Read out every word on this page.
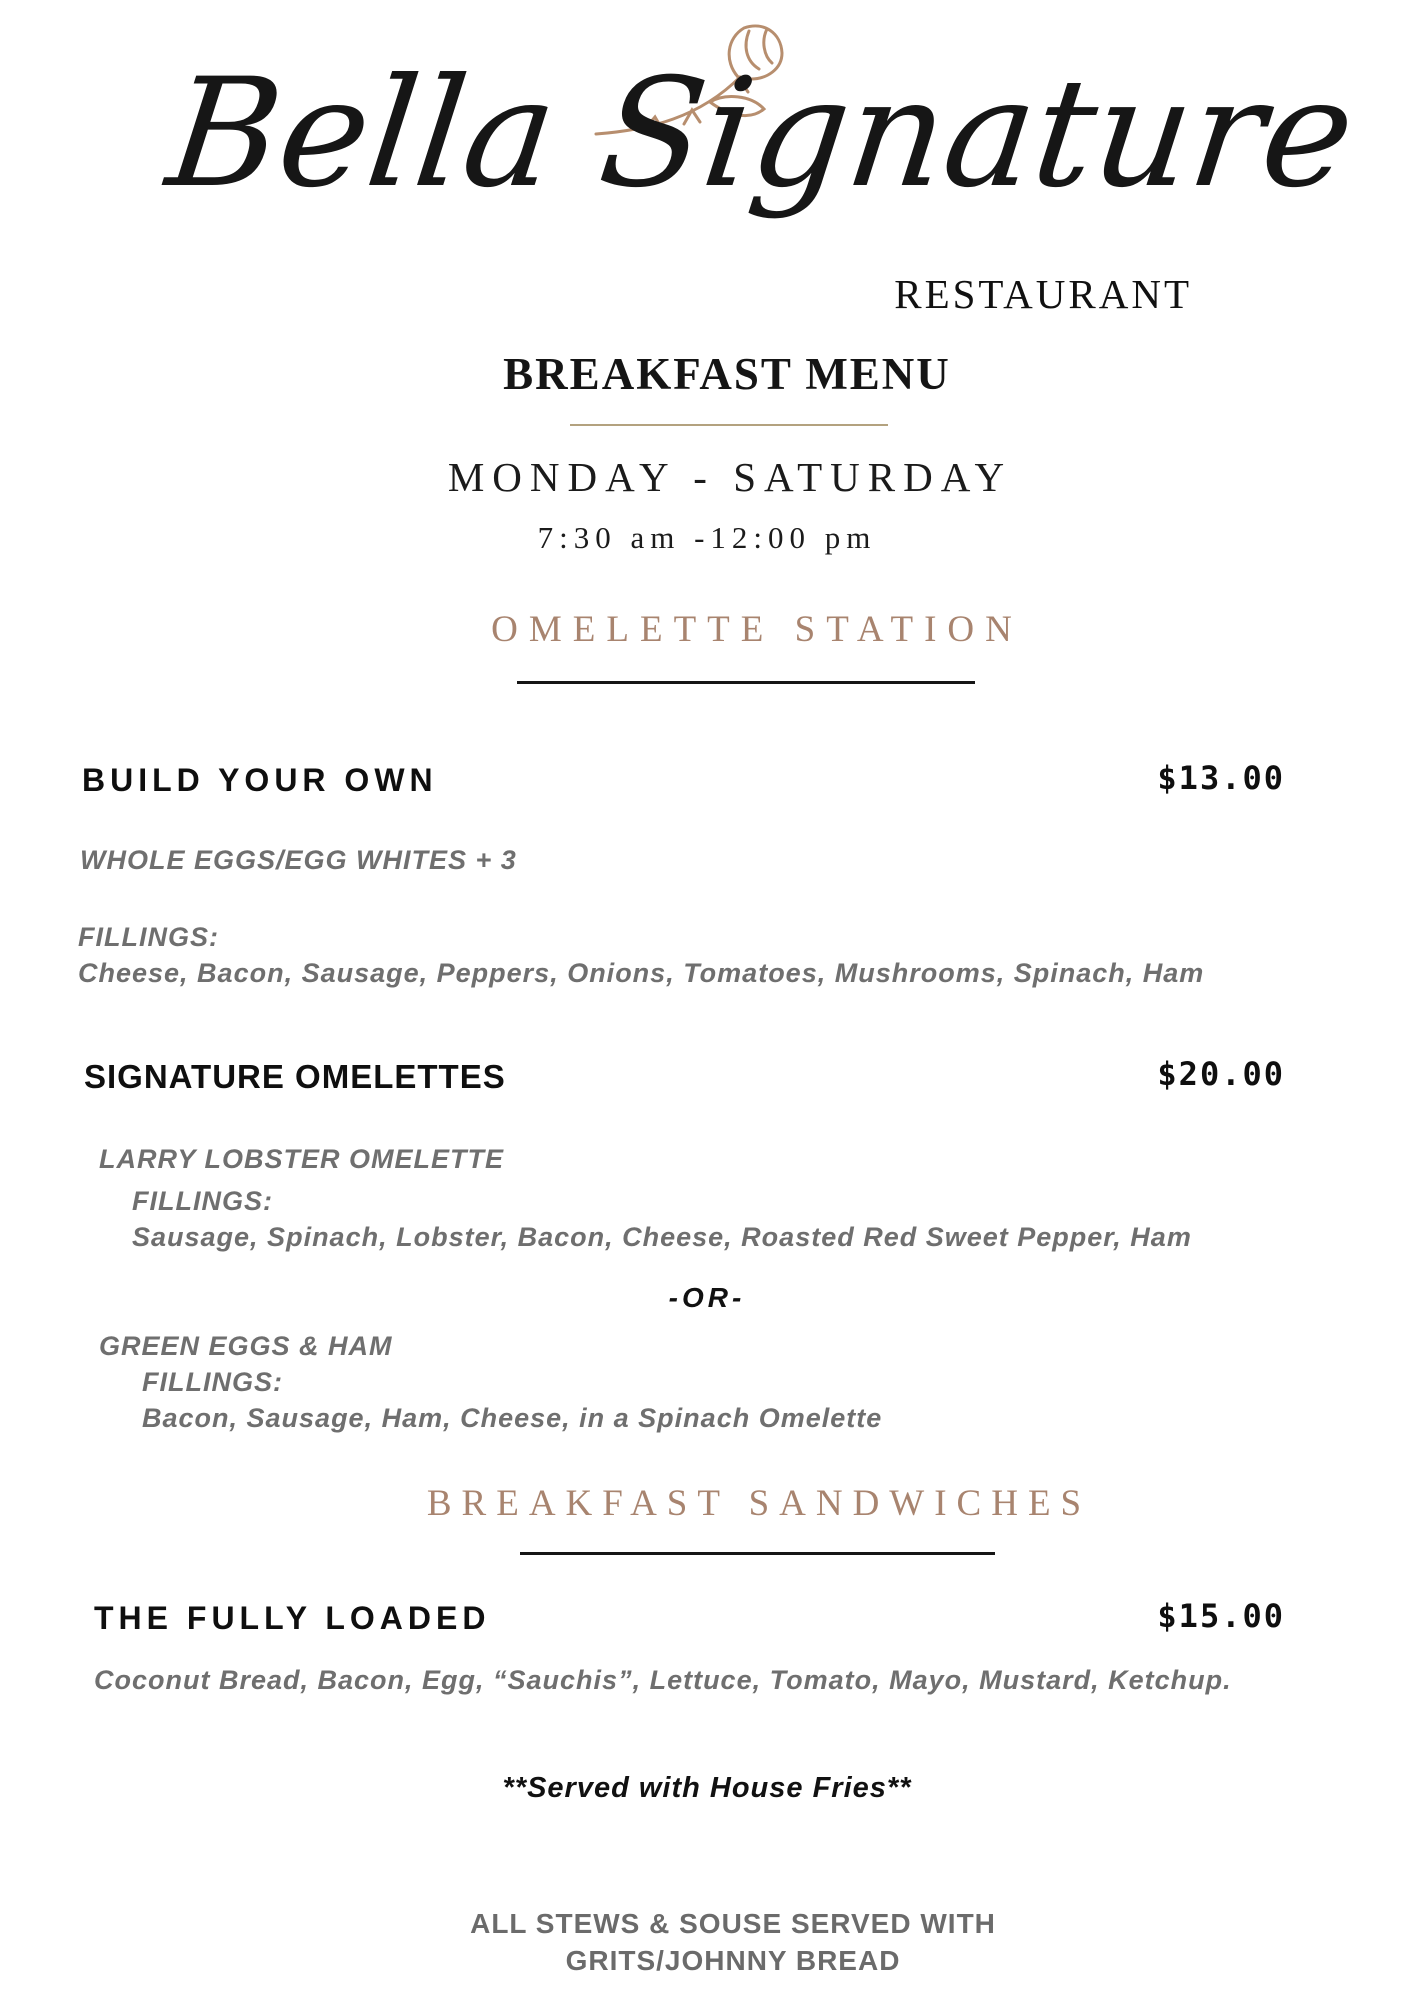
Bella Signature
RESTAURANT
BREAKFAST MENU
MONDAY - SATURDAY
7:30 am -12:00 pm
OMELETTE STATION
BUILD YOUR OWN	$13.00
WHOLE EGGS/EGG WHITES + 3
FILLINGS:
Cheese, Bacon, Sausage, Peppers, Onions, Tomatoes, Mushrooms, Spinach, Ham
SIGNATURE OMELETTES	$20.00
LARRY LOBSTER OMELETTE
FILLINGS:
Sausage, Spinach, Lobster, Bacon, Cheese, Roasted Red Sweet Pepper, Ham
-OR-
GREEN EGGS & HAM
FILLINGS:
Bacon, Sausage, Ham, Cheese, in a Spinach Omelette
BREAKFAST SANDWICHES
THE FULLY LOADED	$15.00
Coconut Bread, Bacon, Egg, “Sauchis”, Lettuce, Tomato, Mayo, Mustard, Ketchup.
**Served with House Fries**
ALL STEWS & SOUSE SERVED WITH GRITS/JOHNNY BREAD
